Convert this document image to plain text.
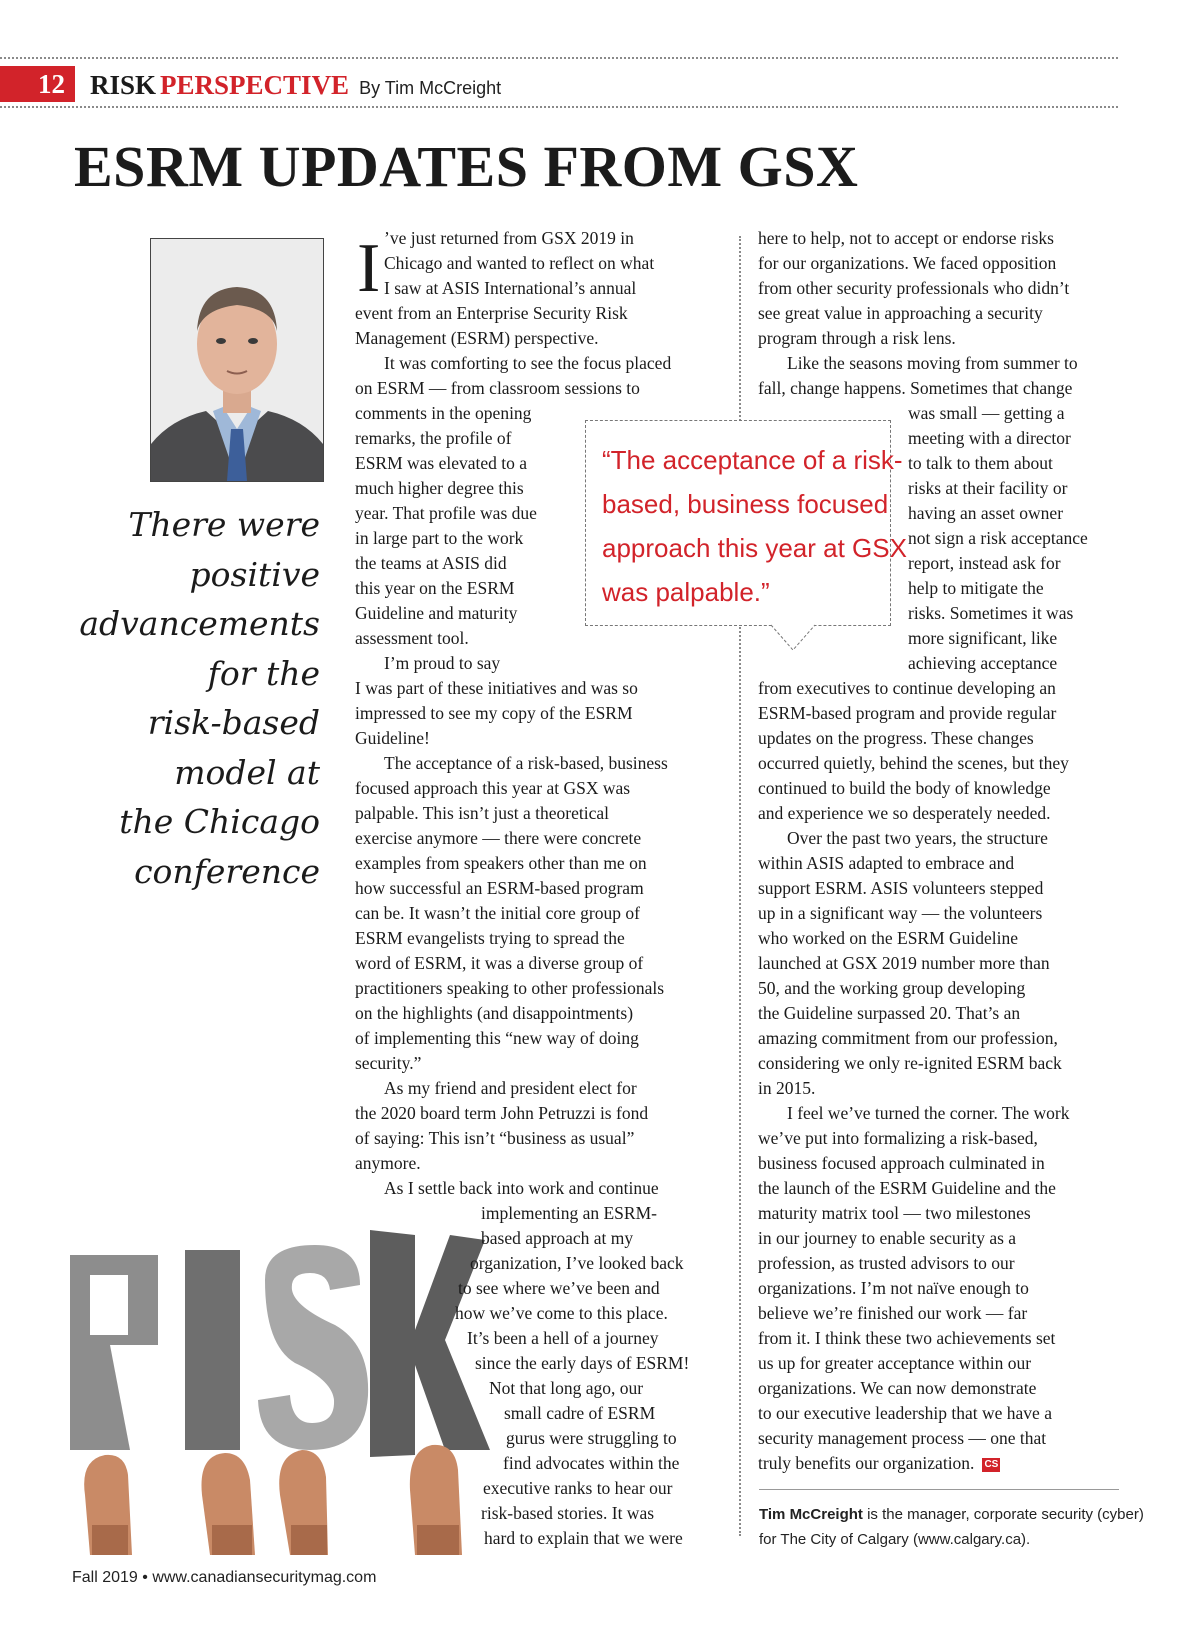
12 RISK PERSPECTIVE By Tim McCreight
ESRM UPDATES FROM GSX
There were
positive
advancements
for the
risk-based
model at
the Chicago
conference
I ’ve just returned from GSX 2019 in
Chicago and wanted to reflect on what
I saw at ASIS International’s annual
event from an Enterprise Security Risk
Management (ESRM) perspective.
It was comforting to see the focus placed
on ESRM — from classroom sessions to
comments in the opening
remarks, the profile of
ESRM was elevated to a
much higher degree this
year. That profile was due
in large part to the work
the teams at ASIS did
this year on the ESRM
Guideline and maturity
assessment tool.
I’m proud to say
I was part of these initiatives and was so
impressed to see my copy of the ESRM
Guideline!
The acceptance of a risk-based, business
focused approach this year at GSX was
palpable. This isn’t just a theoretical
exercise anymore — there were concrete
examples from speakers other than me on
how successful an ESRM-based program
can be. It wasn’t the initial core group of
ESRM evangelists trying to spread the
word of ESRM, it was a diverse group of
practitioners speaking to other professionals
on the highlights (and disappointments)
of implementing this “new way of doing
security.”
As my friend and president elect for
the 2020 board term John Petruzzi is fond
of saying: This isn’t “business as usual”
anymore.
As I settle back into work and continue
implementing an ESRM-
based approach at my
organization, I’ve looked back
to see where we’ve been and
how we’ve come to this place.
It’s been a hell of a journey
since the early days of ESRM!
Not that long ago, our
small cadre of ESRM
gurus were struggling to
find advocates within the
executive ranks to hear our
risk-based stories. It was
hard to explain that we were
“The acceptance of a risk-
based, business focused
approach this year at GSX
was palpable.”
here to help, not to accept or endorse risks
for our organizations. We faced opposition
from other security professionals who didn’t
see great value in approaching a security
program through a risk lens.
Like the seasons moving from summer to
fall, change happens. Sometimes that change
was small — getting a
meeting with a director
to talk to them about
risks at their facility or
having an asset owner
not sign a risk acceptance
report, instead ask for
help to mitigate the
risks. Sometimes it was
more significant, like
achieving acceptance
from executives to continue developing an
ESRM-based program and provide regular
updates on the progress. These changes
occurred quietly, behind the scenes, but they
continued to build the body of knowledge
and experience we so desperately needed.
Over the past two years, the structure
within ASIS adapted to embrace and
support ESRM. ASIS volunteers stepped
up in a significant way — the volunteers
who worked on the ESRM Guideline
launched at GSX 2019 number more than
50, and the working group developing
the Guideline surpassed 20. That’s an
amazing commitment from our profession,
considering we only re-ignited ESRM back
in 2015.
I feel we’ve turned the corner. The work
we’ve put into formalizing a risk-based,
business focused approach culminated in
the launch of the ESRM Guideline and the
maturity matrix tool — two milestones
in our journey to enable security as a
profession, as trusted advisors to our
organizations. I’m not naïve enough to
believe we’re finished our work — far
from it. I think these two achievements set
us up for greater acceptance within our
organizations. We can now demonstrate
to our executive leadership that we have a
security management process — one that
truly benefits our organization. CS
Tim McCreight is the manager, corporate security (cyber)
for The City of Calgary (www.calgary.ca).
Fall 2019 • www.canadiansecuritymag.com
